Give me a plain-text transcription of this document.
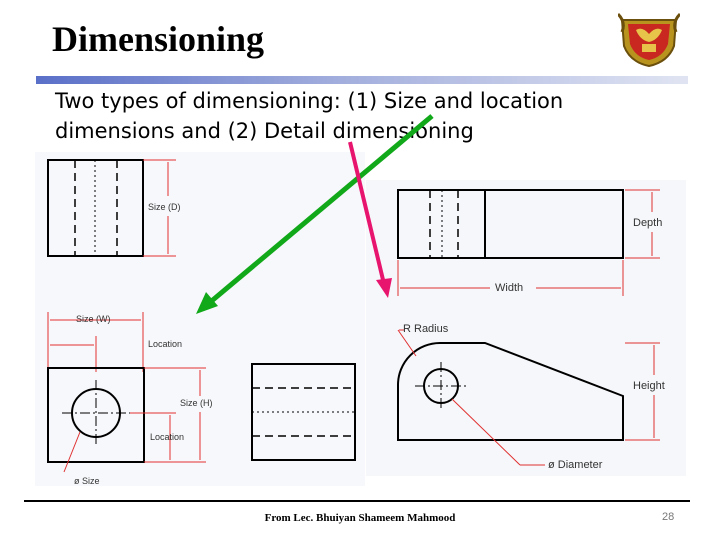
Dimensioning
Two types of dimensioning: (1) Size and location dimensions and (2) Detail dimensioning
Size (D)
Size (W)
Location
Size (H)
Location
ø Size
Depth
Width
R Radius
Height
ø Diameter
From Lec. Bhuiyan Shameem Mahmood	28
